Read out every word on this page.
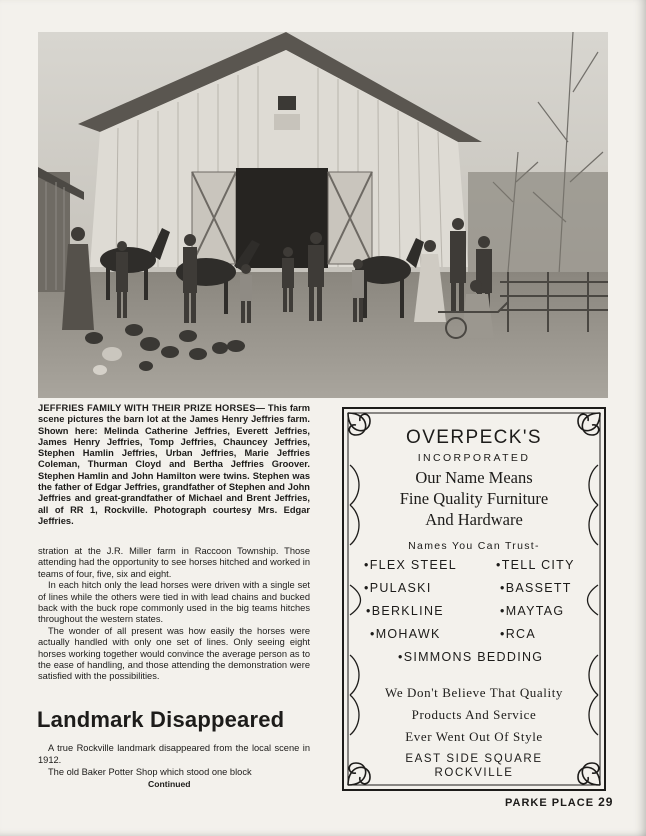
JEFFRIES FAMILY WITH THEIR PRIZE HORSES— This farm scene pictures the barn lot at the James Henry Jeffries farm. Shown here: Melinda Catherine Jeffries, Everett Jeffries, James Henry Jeffries, Tomp Jeffries, Chauncey Jeffries, Stephen Hamlin Jeffries, Urban Jeffries, Marie Jeffries Coleman, Thurman Cloyd and Bertha Jeffries Groover. Stephen Hamlin and John Hamilton were twins. Stephen was the father of Edgar Jeffries, grandfather of Stephen and John Jeffries and great-grandfather of Michael and Brent Jeffries, all of RR 1, Rockville. Photograph courtesy Mrs. Edgar Jeffries.

stration at the J.R. Miller farm in Raccoon Township. Those attending had the opportunity to see horses hitched and worked in teams of four, five, six and eight.

In each hitch only the lead horses were driven with a single set of lines while the others were tied in with lead chains and bucked back with the buck rope commonly used in the big teams hitches throughout the western states.

The wonder of all present was how easily the horses were actually handled with only one set of lines. Only seeing eight horses working together would convince the average person as to the ease of handling, and those attending the demonstration were satisfied with the possibilities.

Landmark Disappeared

A true Rockville landmark disappeared from the local scene in 1912.

The old Baker Potter Shop which stood one block

Continued
OVERPECK'S
INCORPORATED
Our Name Means
Fine Quality Furniture
And Hardware
Names You Can Trust-
•FLEX STEEL	•TELL CITY
•PULASKI	•BASSETT
•BERKLINE	•MAYTAG
•MOHAWK	•RCA
•SIMMONS BEDDING
We Don't Believe That Quality
Products And Service
Ever Went Out Of Style
EAST SIDE SQUARE
ROCKVILLE
PARKE PLACE 29
